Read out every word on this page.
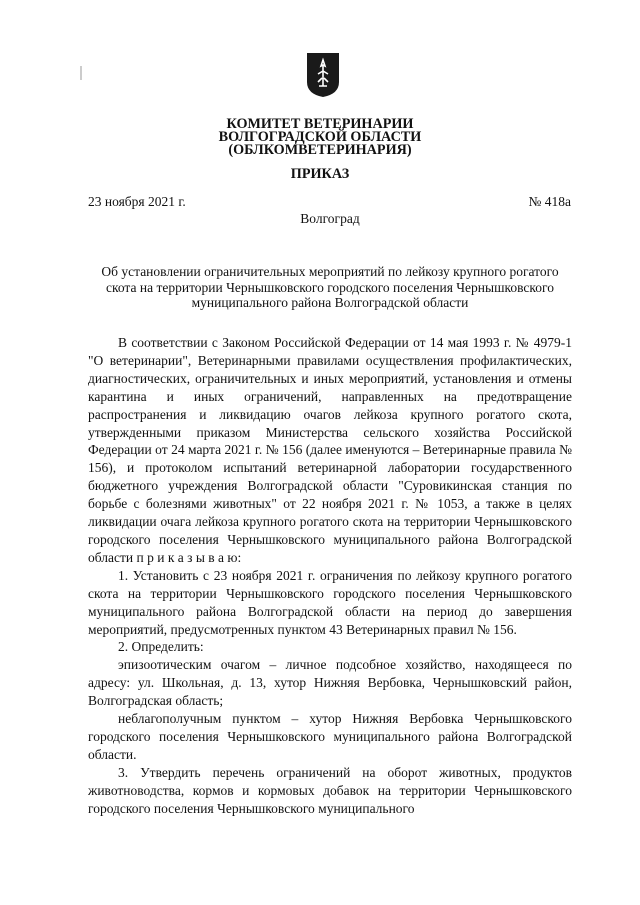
КОМИТЕТ ВЕТЕРИНАРИИ
ВОЛГОГРАДСКОЙ ОБЛАСТИ
(ОБЛКОМВЕТЕРИНАРИЯ)
ПРИКАЗ
23 ноября 2021 г.	№ 418а
Волгоград
Об установлении ограничительных мероприятий по лейкозу крупного рогатого скота на территории Чернышковского городского поселения Чернышковского муниципального района Волгоградской области

В соответствии с Законом Российской Федерации от 14 мая 1993 г. № 4979-1 "О ветеринарии", Ветеринарными правилами осуществления профилактических, диагностических, ограничительных и иных мероприятий, установления и отмены карантина и иных ограничений, направленных на предотвращение распространения и ликвидацию очагов лейкоза крупного рогатого скота, утвержденными приказом Министерства сельского хозяйства Российской Федерации от 24 марта 2021 г. № 156 (далее именуются – Ветеринарные правила № 156), и протоколом испытаний ветеринарной лаборатории государственного бюджетного учреждения Волгоградской области "Суровикинская станция по борьбе с болезнями животных" от 22 ноября 2021 г. № 1053, а также в целях ликвидации очага лейкоза крупного рогатого скота на территории Чернышковского городского поселения Чернышковского муниципального района Волгоградской области п р и к а з ы в а ю:

1. Установить с 23 ноября 2021 г. ограничения по лейкозу крупного рогатого скота на территории Чернышковского городского поселения Чернышковского муниципального района Волгоградской области на период до завершения мероприятий, предусмотренных пунктом 43 Ветеринарных правил № 156.

2. Определить:

эпизоотическим очагом – личное подсобное хозяйство, находящееся по адресу: ул. Школьная, д. 13, хутор Нижняя Вербовка, Чернышковский район, Волгоградская область;

неблагополучным пунктом – хутор Нижняя Вербовка Чернышковского городского поселения Чернышковского муниципального района Волгоградской области.

3. Утвердить перечень ограничений на оборот животных, продуктов животноводства, кормов и кормовых добавок на территории Чернышковского городского поселения Чернышковского муниципального
